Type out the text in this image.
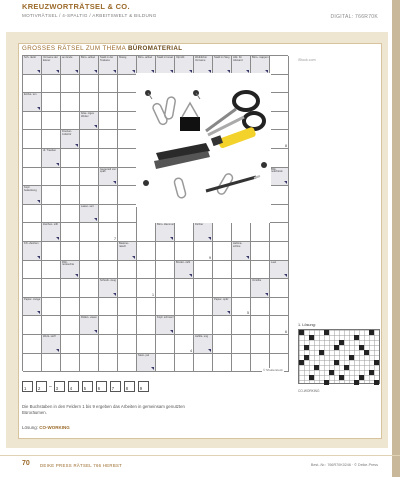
KREUZWORTRÄTSEL & CO.
MOTIVRÄTSEL / 4-SPALTIG / ARBEITSWELT & BILDUNG	DIGITAL: 766R70K
GROSSES RÄTSEL ZUM THEMA BÜROMATERIAL
iStock.com
Sch- ränkt	Vorname der Eisner
am Ende	Büro- artikel Stadt in der Toskana
flüssig	Büro- artikel Stadt in Israel Ölprofit	Weiblicher Vorname
Stadt im Sieg Abk. für Abstand
Büro- mappen
Einhei- ten
bräu- niges Wetter
Drucker- zubehör
8
dt. Trauben
Gegenteil von: spalt
Bild- notizblock
Kopf- bedeckung
Lasso- seil
Zeichen- stift
7
Büro- klammer	Dichter
Kfz.-Zeichen	Beatme- ratsch
9
Heftma- schine
Röh- renleuchte
Bruder- zahl	Laut
Schreib- zeug
1
Vorsilbe
Papier- zange	Papier- spitz
5
Rollen- vasen	Kopf- schmerz
6
Werk- stoff
4
Auflös- ung
Stem- pel
© Shutterstock
1	2 – 3	4	5	6	7	8	9
Die Buchstaben in den Feldern 1 bis 9 ergeben das Arbeiten in gemeinsam genutzten Büroräumen.
Lösung: CO-WORKING
1. Lösung:
CO-WORKING
70 DEIKE PRESS RÄTSEL 766 HERBST	Best.-Nr.: 766R70K0246 · © Deike-Press
